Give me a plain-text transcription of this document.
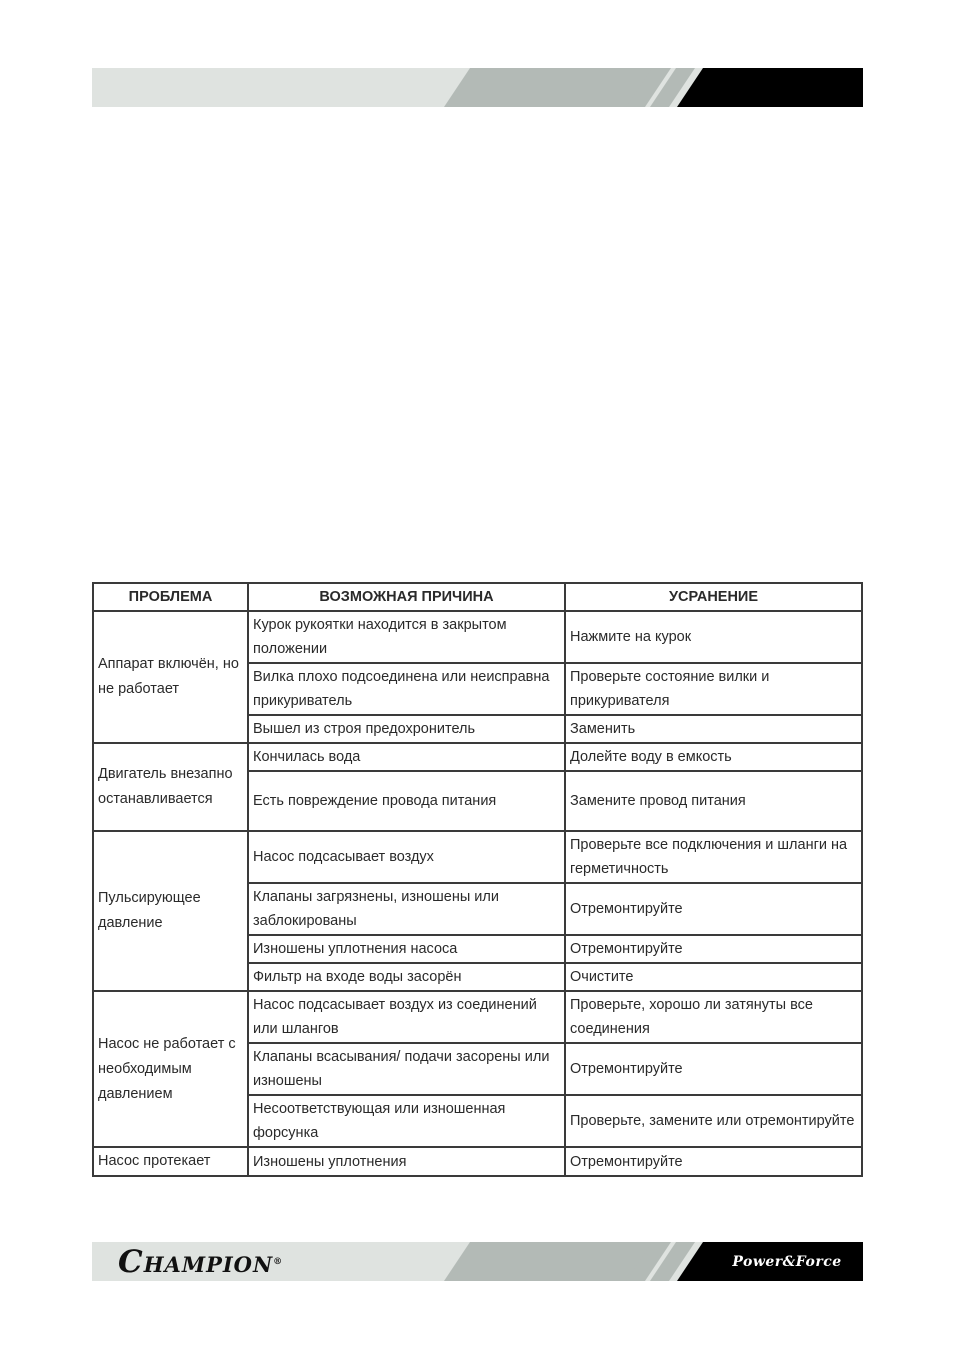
ПРОБЛЕМА	ВОЗМОЖНАЯ ПРИЧИНА	УСРАНЕНИЕ
Аппарат включён, но не работает	Курок рукоятки находится в закрытом положении	Нажмите на курок
	Вилка плохо подсоединена или неисправна прикуриватель	Проверьте состояние вилки и прикуривателя
	Вышел из строя предохронитель	Заменить
Двигатель внезапно останавливается	Кончилась вода	Долейте воду в емкость
	Есть повреждение провода питания	Замените провод питания
Пульсирующее давление	Насос подсасывает воздух	Проверьте все подключения и шланги на герметичность
	Клапаны загрязнены, изношены или заблокированы	Отремонтируйте
	Изношены уплотнения насоса	Отремонтируйте
	Фильтр на входе воды засорён	Очистите
Насос не работает с необходимым давлением	Насос подсасывает воздух из соединений или шлангов	Проверьте, хорошо ли затянуты все соединения
	Клапаны всасывания/ подачи засорены или изношены	Отремонтируйте
	Несоответствующая или изношенная форсунка	Проверьте, замените или отремонтируйте
Насос протекает	Изношены уплотнения	Отремонтируйте
CHAMPION®	Power&Force
